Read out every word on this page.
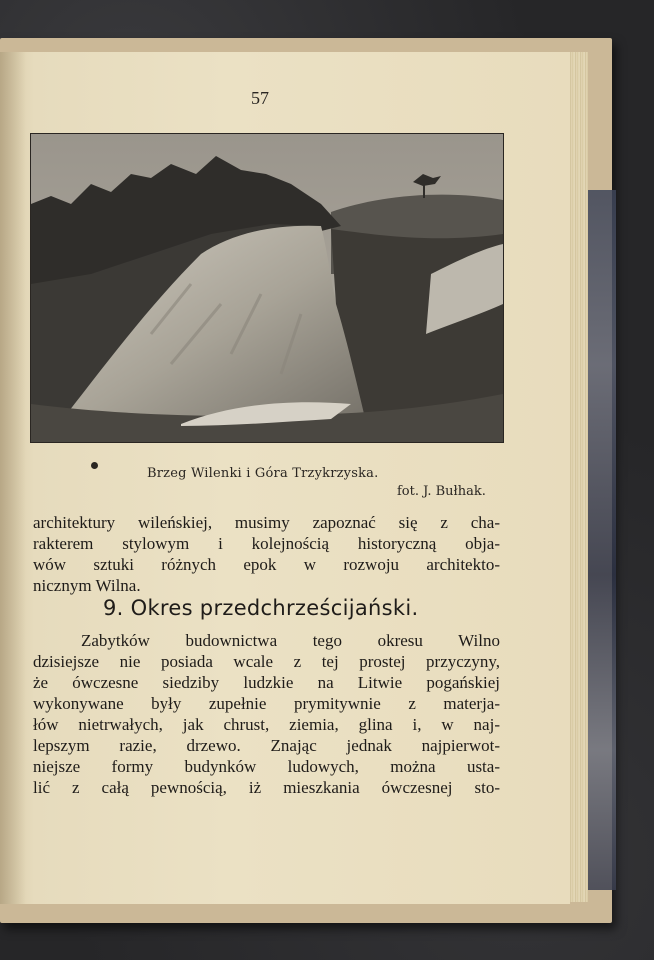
57
Brzeg Wilenki i Góra Trzykrzyska.
fot. J. Bułhak.
architektury wileńskiej, musimy zapoznać się z cha-
rakterem stylowym i kolejnością historyczną obja-
wów sztuki różnych epok w rozwoju architekto-
nicznym Wilna.
9. Okres przedchrześcijański.
Zabytków budownictwa tego okresu Wilno
dzisiejsze nie posiada wcale z tej prostej przyczyny,
że ówczesne siedziby ludzkie na Litwie pogańskiej
wykonywane były zupełnie prymitywnie z materja-
łów nietrwałych, jak chrust, ziemia, glina i, w naj-
lepszym razie, drzewo. Znając jednak najpierwot-
niejsze formy budynków ludowych, można usta-
lić z całą pewnością, iż mieszkania ówczesnej sto-
